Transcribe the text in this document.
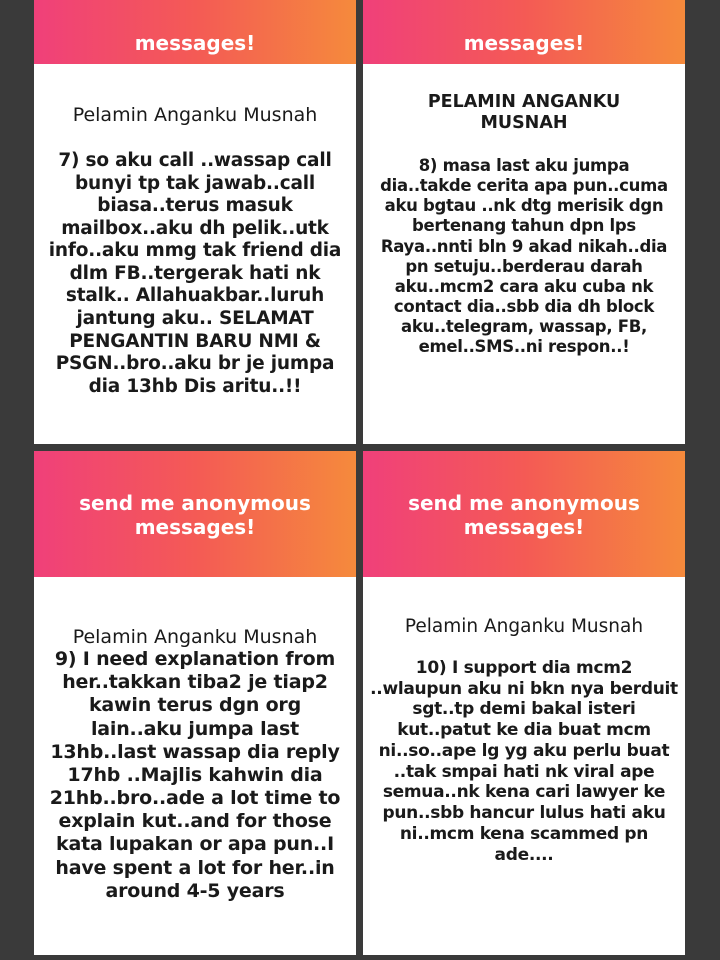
messages!
Pelamin Anganku Musnah
7) so aku call ..wassap call bunyi tp tak jawab..call biasa..terus masuk mailbox..aku dh pelik..utk info..aku mmg tak friend dia dlm FB..tergerak hati nk stalk.. Allahuakbar..luruh jantung aku.. SELAMAT PENGANTIN BARU NMI & PSGN..bro..aku br je jumpa dia 13hb Dis aritu..!!
messages!
PELAMIN ANGANKU MUSNAH
8) masa last aku jumpa dia..takde cerita apa pun..cuma aku bgtau ..nk dtg merisik dgn bertenang tahun dpn lps Raya..nnti bln 9 akad nikah..dia pn setuju..berderau darah aku..mcm2 cara aku cuba nk contact dia..sbb dia dh block aku..telegram, wassap, FB, emel..SMS..ni respon..!
send me anonymous messages!
Pelamin Anganku Musnah
9) I need explanation from her..takkan tiba2 je tiap2 kawin terus dgn org lain..aku jumpa last 13hb..last wassap dia reply 17hb ..Majlis kahwin dia 21hb..bro..ade a lot time to explain kut..and for those kata lupakan or apa pun..I have spent a lot for her..in around 4-5 years
send me anonymous messages!
Pelamin Anganku Musnah
10) I support dia mcm2 ..wlaupun aku ni bkn nya berduit sgt..tp demi bakal isteri kut..patut ke dia buat mcm ni..so..ape lg yg aku perlu buat ..tak smpai hati nk viral ape semua..nk kena cari lawyer ke pun..sbb hancur lulus hati aku ni..mcm kena scammed pn ade....
